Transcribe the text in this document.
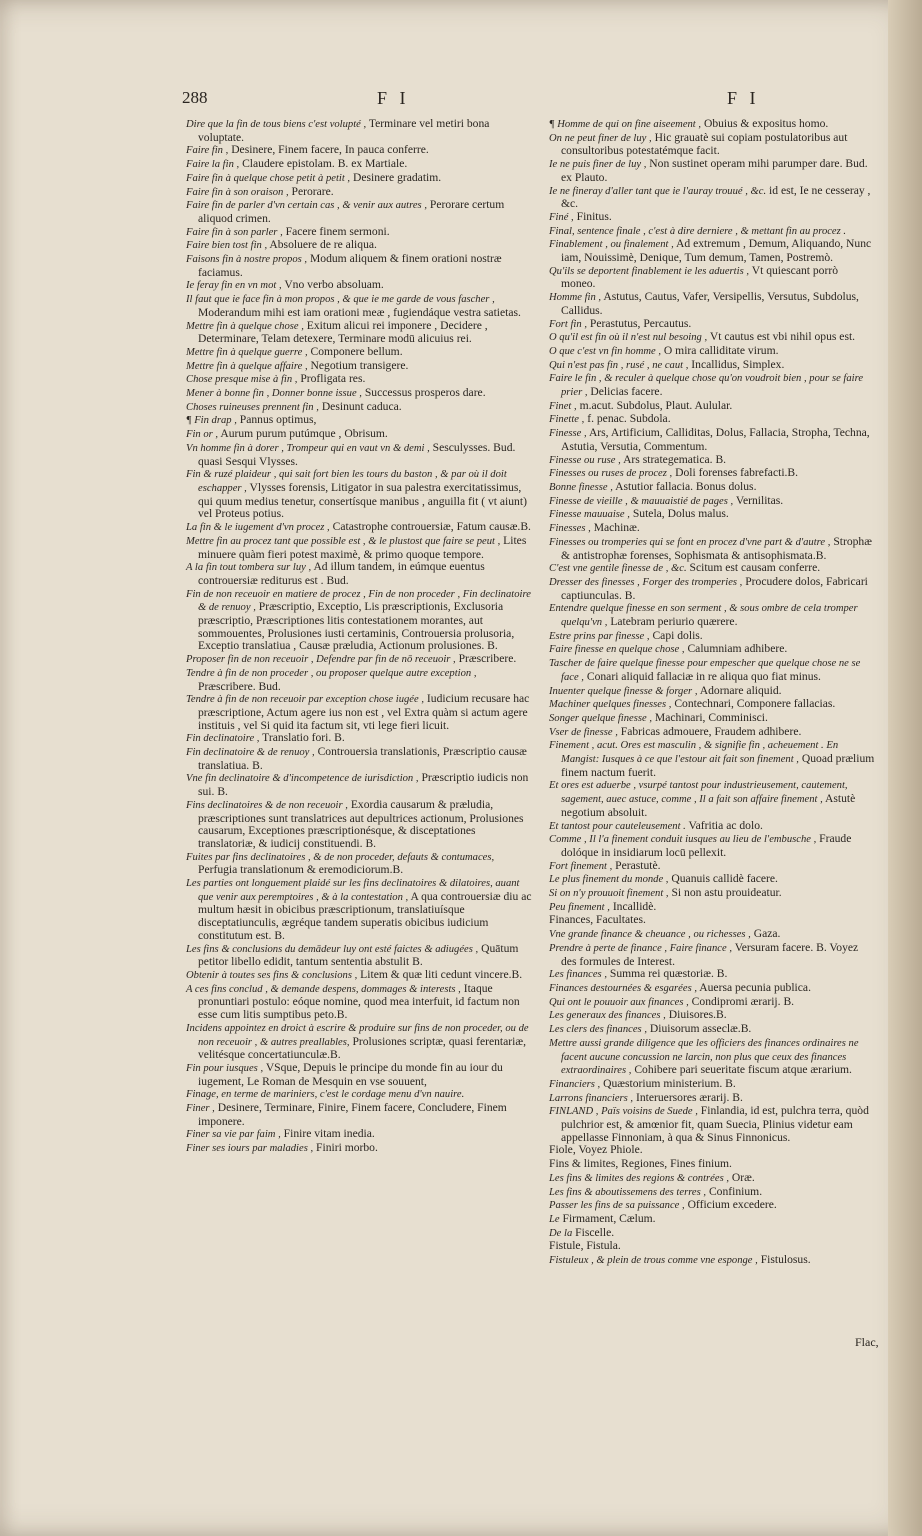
288	F I	F I

Dire que la fin de tous biens c'est volupté , Terminare vel metiri bona voluptate.

Faire fin , Desinere, Finem facere, In pauca conferre.

Faire la fin , Claudere epistolam. B. ex Martiale.

Faire fin à quelque chose petit à petit , Desinere gradatim.

Faire fin à son oraison , Perorare.

Faire fin de parler d'vn certain cas , & venir aux autres , Perorare certum aliquod crimen.

Faire fin à son parler , Facere finem sermoni.

Faire bien tost fin , Absoluere de re aliqua.

Faisons fin à nostre propos , Modum aliquem & finem orationi nostræ faciamus.

Ie feray fin en vn mot , Vno verbo absoluam.

Il faut que ie face fin à mon propos , & que ie me garde de vous fascher , Moderandum mihi est iam orationi meæ , fugiendáque vestra satietas.

Mettre fin à quelque chose , Exitum alicui rei imponere , Decidere , Determinare, Telam detexere, Terminare modū alicuius rei.

Mettre fin à quelque guerre , Componere bellum.

Mettre fin à quelque affaire , Negotium transigere.

Chose presque mise à fin , Profligata res.

Mener à bonne fin , Donner bonne issue , Successus prosperos dare.

Choses ruineuses prennent fin , Desinunt caduca.

¶ Fin drap , Pannus optimus,

Fin or , Aurum purum putúmque , Obrisum.

Vn homme fin à dorer , Trompeur qui en vaut vn & demi , Sesculysses. Bud. quasi Sesqui Vlysses.

Fin & ruzé plaideur , qui sait fort bien les tours du baston , & par où il doit eschapper , Vlysses forensis, Litigator in sua palestra exercitatissimus, qui quum medius tenetur, consertísque manibus , anguilla fit ( vt aiunt) vel Proteus potius.

La fin & le iugement d'vn procez , Catastrophe controuersiæ, Fatum causæ.B.

Mettre fin au procez tant que possible est , & le plustost que faire se peut , Lites minuere quàm fieri potest maximè, & primo quoque tempore.

A la fin tout tombera sur luy , Ad illum tandem, in eúmque euentus controuersiæ rediturus est . Bud.

Fin de non receuoir en matiere de procez , Fin de non proceder , Fin declinatoire & de renuoy , Præscriptio, Exceptio, Lis præscriptionis, Exclusoria præscriptio, Præscriptiones litis contestationem morantes, aut sommouentes, Prolusiones iusti certaminis, Controuersia prolusoria, Exceptio translatiua , Causæ præludia, Actionum prolusiones. B.

Proposer fin de non receuoir , Defendre par fin de nō receuoir , Præscribere.

Tendre à fin de non proceder , ou proposer quelque autre exception , Præscribere. Bud.

Tendre à fin de non receuoir par exception chose iugée , Iudicium recusare hac præscriptione, Actum agere ius non est , vel Extra quàm si actum agere instituis , vel Si quid ita factum sit, vti lege fieri licuit.

Fin declinatoire , Translatio fori. B.

Fin declinatoire & de renuoy , Controuersia translationis, Præscriptio causæ translatiua. B.

Vne fin declinatoire & d'incompetence de iurisdiction , Præscriptio iudicis non sui. B.

Fins declinatoires & de non receuoir , Exordia causarum & præludia, præscriptiones sunt translatrices aut depultrices actionum, Prolusiones causarum, Exceptiones præscriptionésque, & disceptationes translatoriæ, & iudicij constituendi. B.

Fuites par fins declinatoires , & de non proceder, defauts & contumaces, Perfugia translationum & eremodiciorum.B.

Les parties ont longuement plaidé sur les fins declinatoires & dilatoires, auant que venir aux peremptoires , & à la contestation , A qua controuersiæ diu ac multum hæsit in obicibus præscriptionum, translatiuísque disceptatiunculis, ægréque tandem superatis obicibus iudicium constitutum est. B.

Les fins & conclusions du demādeur luy ont esté faictes & adiugées , Quātum petitor libello edidit, tantum sententia abstulit B.

Obtenir à toutes ses fins & conclusions , Litem & quæ liti cedunt vincere.B.

A ces fins conclud , & demande despens, dommages & interests , Itaque pronuntiari postulo: eóque nomine, quod mea interfuit, id factum non esse cum litis sumptibus peto.B.

Incidens appointez en droict à escrire & produire sur fins de non proceder, ou de non receuoir , & autres preallables, Prolusiones scriptæ, quasi ferentariæ, velitésque concertatiunculæ.B.

Fin pour iusques , VSque, Depuis le principe du monde fin au iour du iugement, Le Roman de Mesquin en vse souuent,

Finage, en terme de mariniers, c'est le cordage menu d'vn nauire.

Finer , Desinere, Terminare, Finire, Finem facere, Concludere, Finem imponere.

Finer sa vie par faim , Finire vitam inedia.

Finer ses iours par maladies , Finiri morbo.

¶ Homme de qui on fine aiseement , Obuius & expositus homo.

On ne peut finer de luy , Hic grauatè sui copiam postulatoribus aut consultoribus potestatémque facit.

Ie ne puis finer de luy , Non sustinet operam mihi parumper dare. Bud. ex Plauto.

Ie ne fineray d'aller tant que ie l'auray trouué , &c. id est, Ie ne cesseray , &c.

Finé , Finitus.

Final, sentence finale , c'est à dire derniere , & mettant fin au procez .

Finablement , ou finalement , Ad extremum , Demum, Aliquando, Nunc iam, Nouissimè, Denique, Tum demum, Tamen, Postremò.

Qu'ils se deportent finablement ie les aduertis , Vt quiescant porrò moneo.

Homme fin , Astutus, Cautus, Vafer, Versipellis, Versutus, Subdolus, Callidus.

Fort fin , Perastutus, Percautus.

O qu'il est fin où il n'est nul besoing , Vt cautus est vbi nihil opus est.

O que c'est vn fin homme , O mira calliditate virum.

Qui n'est pas fin , rusé , ne caut , Incallidus, Simplex.

Faire le fin , & reculer à quelque chose qu'on voudroit bien , pour se faire prier , Delicias facere.

Finet , m.acut. Subdolus, Plaut. Aulular.

Finette , f. penac. Subdola.

Finesse , Ars, Artificium, Calliditas, Dolus, Fallacia, Stropha, Techna, Astutia, Versutia, Commentum.

Finesse ou ruse , Ars strategematica. B.

Finesses ou ruses de procez , Doli forenses fabrefacti.B.

Bonne finesse , Astutior fallacia. Bonus dolus.

Finesse de vieille , & mauuaistié de pages , Vernilitas.

Finesse mauuaise , Sutela, Dolus malus.

Finesses , Machinæ.

Finesses ou tromperies qui se font en procez d'vne part & d'autre , Strophæ & antistrophæ forenses, Sophismata & antisophismata.B.

C'est vne gentile finesse de , &c. Scitum est causam conferre.

Dresser des finesses , Forger des tromperies , Procudere dolos, Fabricari captiunculas. B.

Entendre quelque finesse en son serment , & sous ombre de cela tromper quelqu'vn , Latebram periurio quærere.

Estre prins par finesse , Capi dolis.

Faire finesse en quelque chose , Calumniam adhibere.

Tascher de faire quelque finesse pour empescher que quelque chose ne se face , Conari aliquid fallaciæ in re aliqua quo fiat minus.

Inuenter quelque finesse & forger , Adornare aliquid.

Machiner quelques finesses , Contechnari, Componere fallacias.

Songer quelque finesse , Machinari, Comminisci.

Vser de finesse , Fabricas admouere, Fraudem adhibere.

Finement , acut. Ores est masculin , & signifie fin , acheuement . En Mangist: Iusques à ce que l'estour ait fait son finement , Quoad prælium finem nactum fuerit.

Et ores est aduerbe , vsurpé tantost pour industrieusement, cautement, sagement, auec astuce, comme , Il a fait son affaire finement , Astutè negotium absoluit.

Et tantost pour cauteleusement . Vafritia ac dolo.

Comme , Il l'a finement conduit iusques au lieu de l'embusche , Fraude dolóque in insidiarum locū pellexit.

Fort finement , Perastutè.

Le plus finement du monde , Quanuis callidè facere.

Si on n'y prouuoit finement , Si non astu prouideatur.

Peu finement , Incallidè.

Finances, Facultates.

Vne grande finance & cheuance , ou richesses , Gaza.

Prendre à perte de finance , Faire finance , Versuram facere. B. Voyez des formules de Interest.

Les finances , Summa rei quæstoriæ. B.

Finances destournées & esgarées , Auersa pecunia publica.

Qui ont le pouuoir aux finances , Condipromi ærarij. B.

Les generaux des finances , Diuisores.B.

Les clers des finances , Diuisorum asseclæ.B.

Mettre aussi grande diligence que les officiers des finances ordinaires ne facent aucune concussion ne larcin, non plus que ceux des finances extraordinaires , Cohibere pari seueritate fiscum atque ærarium.

Financiers , Quæstorium ministerium. B.

Larrons financiers , Interuersores ærarij. B.

FINLAND , Païs voisins de Suede , Finlandia, id est, pulchra terra, quòd pulchrior est, & amœnior fit, quam Suecia, Plinius videtur eam appellasse Finnoniam, à qua & Sinus Finnonicus.

Fiole, Voyez Phiole.

Fins & limites, Regiones, Fines finium.

Les fins & limites des regions & contrées , Oræ.

Les fins & aboutissemens des terres , Confinium.

Passer les fins de sa puissance , Officium excedere.

Le Firmament, Cælum.

De la Fiscelle.

Fistule, Fistula.

Fistuleux , & plein de trous comme vne esponge , Fistulosus.

Flac,
